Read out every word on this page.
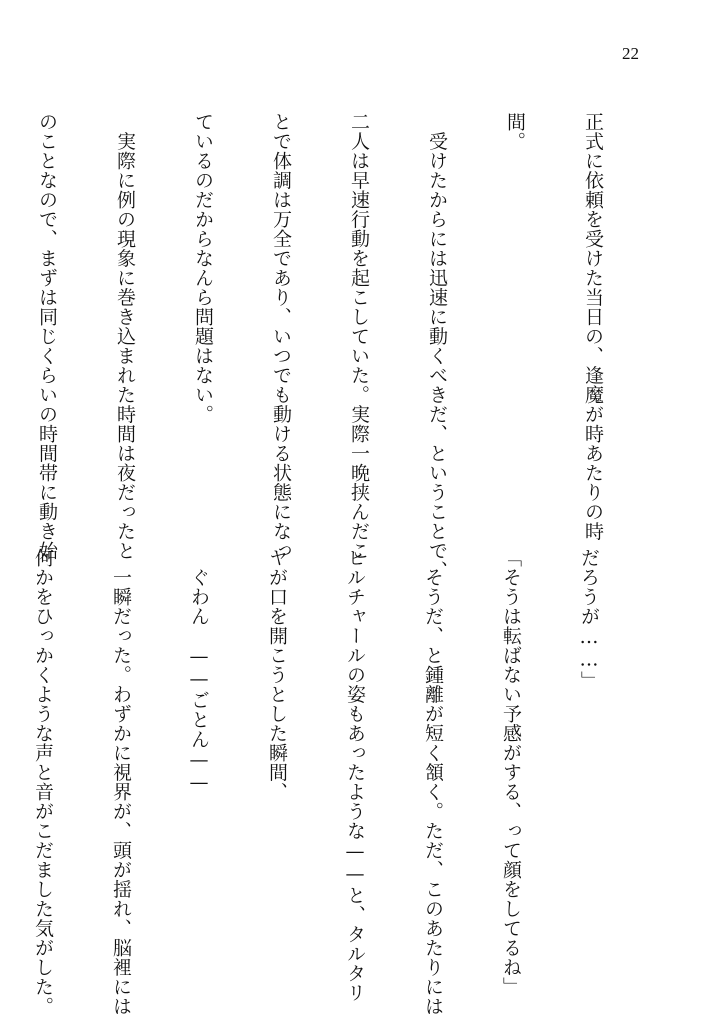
22

正式に依頼を受けた当日の、逢魔が時あたりの時

間。

　受けたからには迅速に動くべきだ、ということで、

二人は早速行動を起こしていた。実際一晩挟んだこ

とで体調は万全であり、いつでも動ける状態になっ

ているのだからなんら問題はない。

　実際に例の現象に巻き込まれた時間は夜だったと

のことなので、まずは同じくらいの時間帯に動き始

だろうが……」

「そうは転ばない予感がする、って顔をしてるね」

　そうだ、と鍾離が短く頷く。ただ、このあたりには

ヒルチャールの姿もあったような——と、タルタリ

ヤが口を開こうとした瞬間、

　ぐわん　——ごとん——

　一瞬だった。わずかに視界が、頭が揺れ、脳裡には

何かをひっかくような声と音がこだました気がした。
